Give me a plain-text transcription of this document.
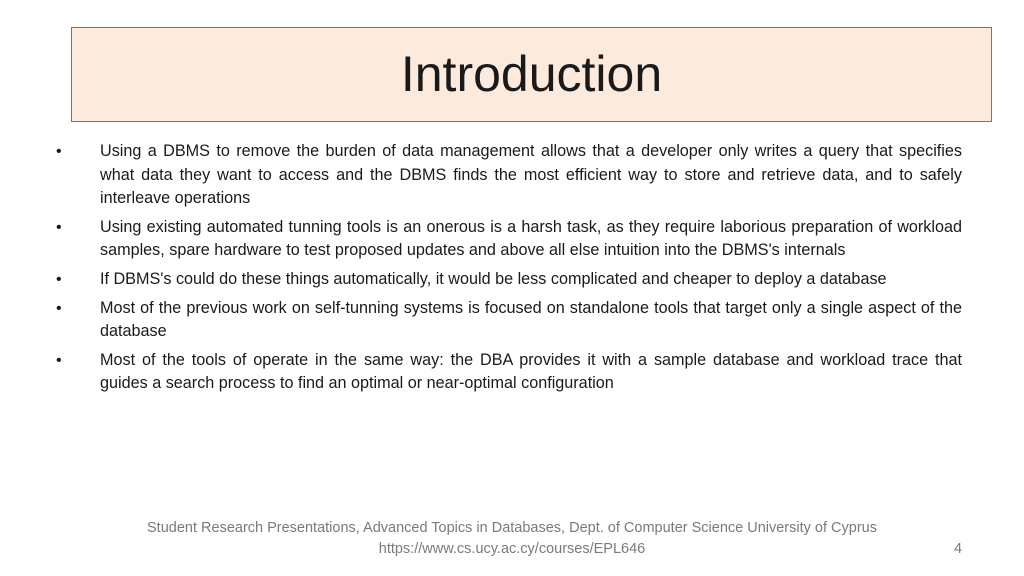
Introduction
•	Using a DBMS to remove the burden of data management allows that a developer only writes a query that specifies what data they want to access and the DBMS finds the most efficient way to store and retrieve data, and to safely interleave operations
•	Using existing automated tunning tools is an onerous is a harsh task, as they require laborious preparation of workload samples, spare hardware to test proposed updates and above all else intuition into the DBMS's internals
•	If DBMS's could do these things automatically, it would be less complicated and cheaper to deploy a database
•	Most of the previous work on self-tunning systems is focused on standalone tools that target only a single aspect of the database
•	Most of the tools of operate in the same way: the DBA provides it with a sample database and workload trace that guides a search process to find an optimal or near-optimal configuration
Student Research Presentations, Advanced Topics in Databases, Dept. of Computer Science University of Cyprus
https://www.cs.ucy.ac.cy/courses/EPL646	4
